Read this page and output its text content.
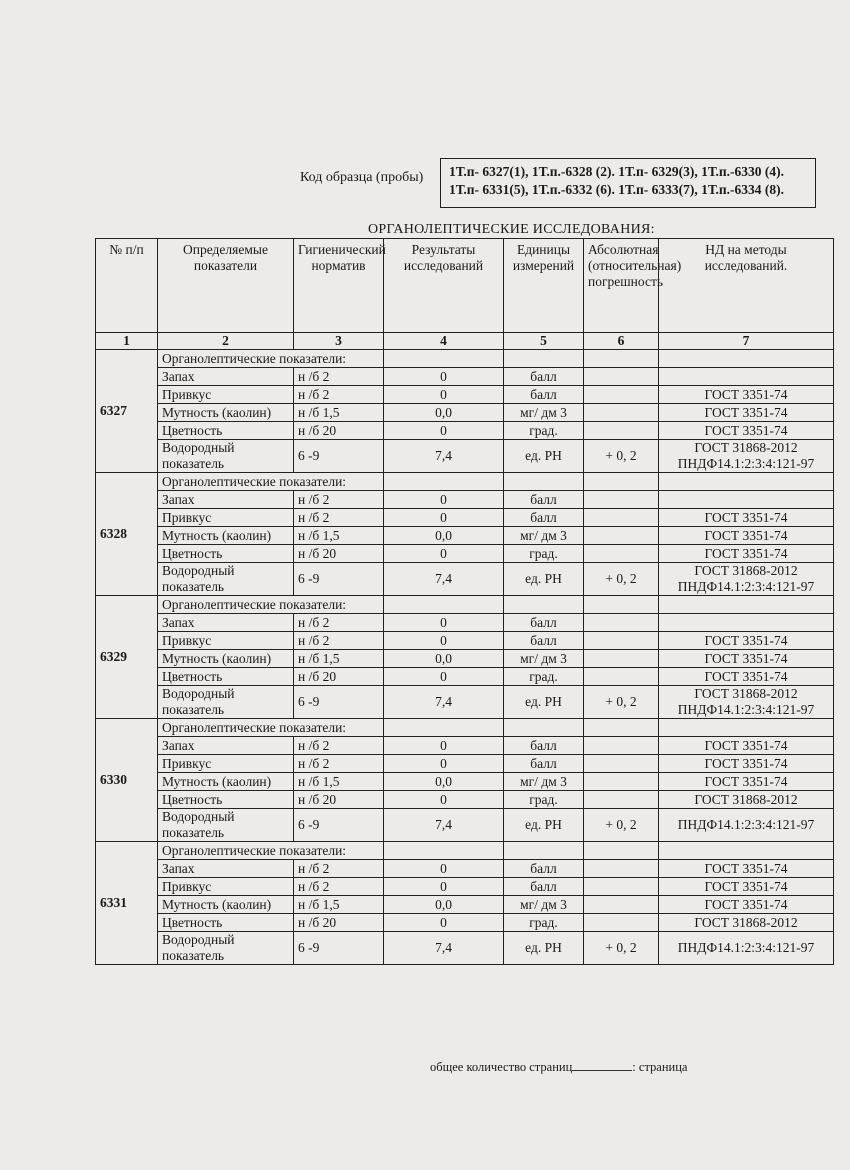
Код образца (пробы) 1Т.п- 6327(1), 1Т.п.-6328 (2). 1Т.п- 6329(3), 1Т.п.-6330 (4).
1Т.п- 6331(5), 1Т.п.-6332 (6). 1Т.п- 6333(7), 1Т.п.-6334 (8).
ОРГАНОЛЕПТИЧЕСКИЕ ИССЛЕДОВАНИЯ:
№ п/п	Определяемые показатели	Гигиенический норматив	Результаты исследований	Единицы измерений	Абсолютная (относительная) погрешность	НД на методы исследований.
1	2	3	4	5	6	7
6327	Органолептические показатели:					
	Запах	н /б 2	0	балл		
	Привкус	н /б 2	0	балл		ГОСТ 3351-74
	Мутность (каолин)	н /б 1,5	0,0	мг/ дм 3		ГОСТ 3351-74
	Цветность	н /б 20	0	град.		ГОСТ 3351-74
	Водородный показатель	6 -9	7,4	ед. РН	+ 0, 2	ГОСТ 31868-2012 ПНДФ14.1:2:3:4:121-97
6328	Органолептические показатели:					
	Запах	н /б 2	0	балл		
	Привкус	н /б 2	0	балл		ГОСТ 3351-74
	Мутность (каолин)	н /б 1,5	0,0	мг/ дм 3		ГОСТ 3351-74
	Цветность	н /б 20	0	град.		ГОСТ 3351-74
	Водородный показатель	6 -9	7,4	ед. РН	+ 0, 2	ГОСТ 31868-2012 ПНДФ14.1:2:3:4:121-97
6329	Органолептические показатели:					
	Запах	н /б 2	0	балл		
	Привкус	н /б 2	0	балл		ГОСТ 3351-74
	Мутность (каолин)	н /б 1,5	0,0	мг/ дм 3		ГОСТ 3351-74
	Цветность	н /б 20	0	град.		ГОСТ 3351-74
	Водородный показатель	6 -9	7,4	ед. РН	+ 0, 2	ГОСТ 31868-2012 ПНДФ14.1:2:3:4:121-97
6330	Органолептические показатели:					
	Запах	н /б 2	0	балл		ГОСТ 3351-74
	Привкус	н /б 2	0	балл		ГОСТ 3351-74
	Мутность (каолин)	н /б 1,5	0,0	мг/ дм 3		ГОСТ 3351-74
	Цветность	н /б 20	0	град.		ГОСТ 31868-2012
	Водородный показатель	6 -9	7,4	ед. РН	+ 0, 2	ПНДФ14.1:2:3:4:121-97
6331	Органолептические показатели:					
	Запах	н /б 2	0	балл		ГОСТ 3351-74
	Привкус	н /б 2	0	балл		ГОСТ 3351-74
	Мутность (каолин)	н /б 1,5	0,0	мг/ дм 3		ГОСТ 3351-74
	Цветность	н /б 20	0	град.		ГОСТ 31868-2012
	Водородный показатель	6 -9	7,4	ед. РН	+ 0, 2	ПНДФ14.1:2:3:4:121-97
общее количество страниц	: страница
